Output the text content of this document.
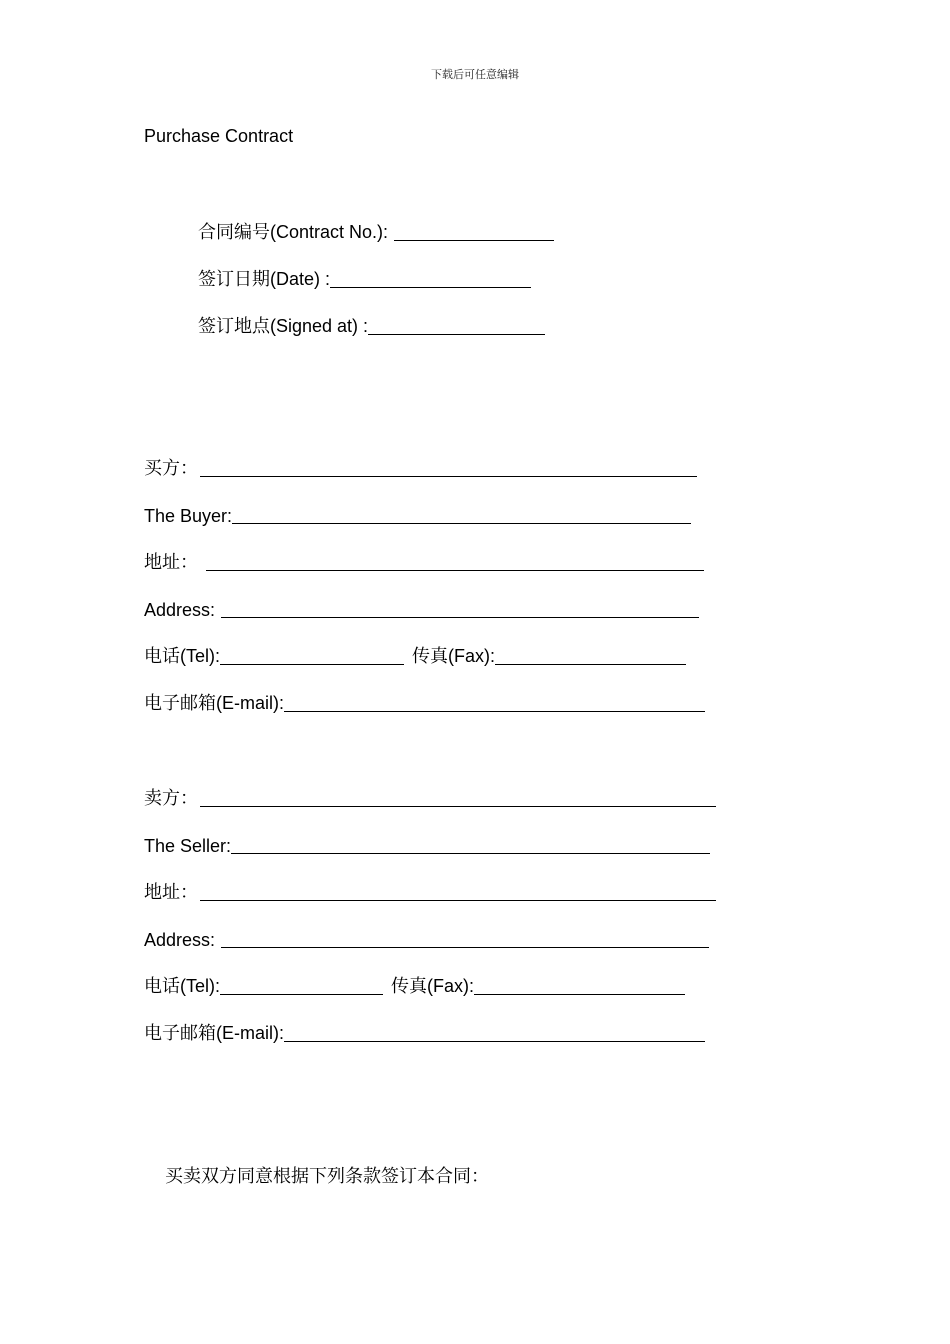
下载后可任意编辑
Purchase Contract
合同编号(Contract No.):
签订日期(Date) :
签订地点(Signed at) :
买方：
The Buyer:
地址：
Address:
电话(Tel):	传真(Fax):
电子邮箱(E-mail):
卖方：
The Seller:
地址：
Address:
电话(Tel):	传真(Fax):
电子邮箱(E-mail):
买卖双方同意根据下列条款签订本合同：
